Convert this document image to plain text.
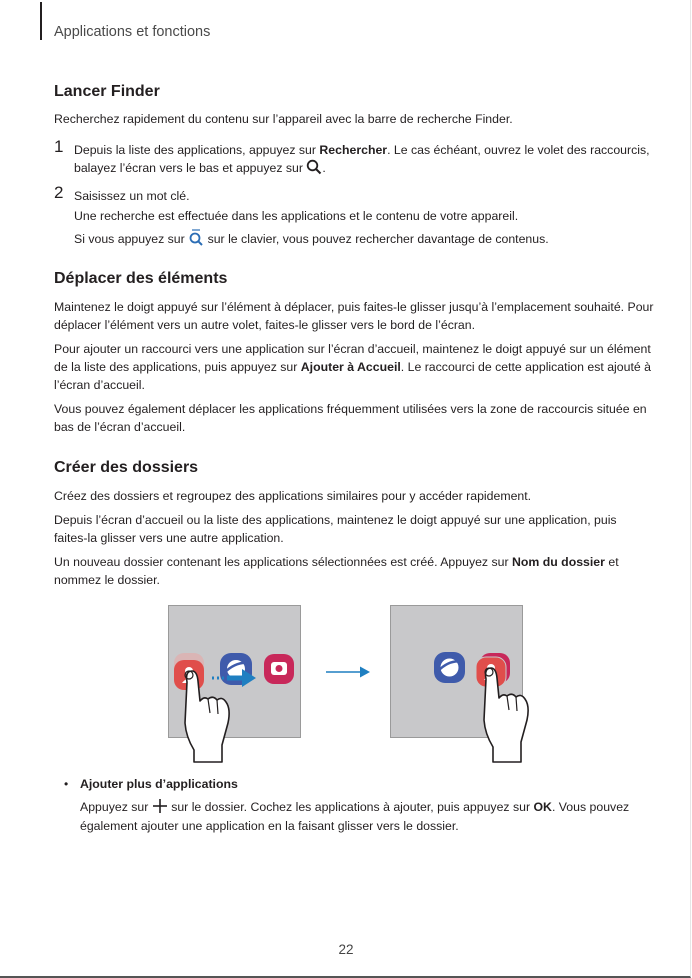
Applications et fonctions
Lancer Finder

Recherchez rapidement du contenu sur l’appareil avec la barre de recherche Finder.

1 Depuis la liste des applications, appuyez sur Rechercher. Le cas échéant, ouvrez le volet des raccourcis,

balayez l’écran vers le bas et appuyez sur .

2 Saisissez un mot clé.

Une recherche est effectuée dans les applications et le contenu de votre appareil.

Si vous appuyez sur  sur le clavier, vous pouvez rechercher davantage de contenus.

Déplacer des éléments

Maintenez le doigt appuyé sur l’élément à déplacer, puis faites-le glisser jusqu’à l’emplacement souhaité. Pour

déplacer l’élément vers un autre volet, faites-le glisser vers le bord de l’écran.

Pour ajouter un raccourci vers une application sur l’écran d’accueil, maintenez le doigt appuyé sur un élément

de la liste des applications, puis appuyez sur Ajouter à Accueil. Le raccourci de cette application est ajouté à

l’écran d’accueil.

Vous pouvez également déplacer les applications fréquemment utilisées vers la zone de raccourcis située en

bas de l’écran d’accueil.

Créer des dossiers

Créez des dossiers et regroupez des applications similaires pour y accéder rapidement.

Depuis l’écran d’accueil ou la liste des applications, maintenez le doigt appuyé sur une application, puis

faites-la glisser vers une autre application.

Un nouveau dossier contenant les applications sélectionnées est créé. Appuyez sur Nom du dossier et

nommez le dossier.

• Ajouter plus d’applications

Appuyez sur  sur le dossier. Cochez les applications à ajouter, puis appuyez sur OK. Vous pouvez

également ajouter une application en la faisant glisser vers le dossier.

22
